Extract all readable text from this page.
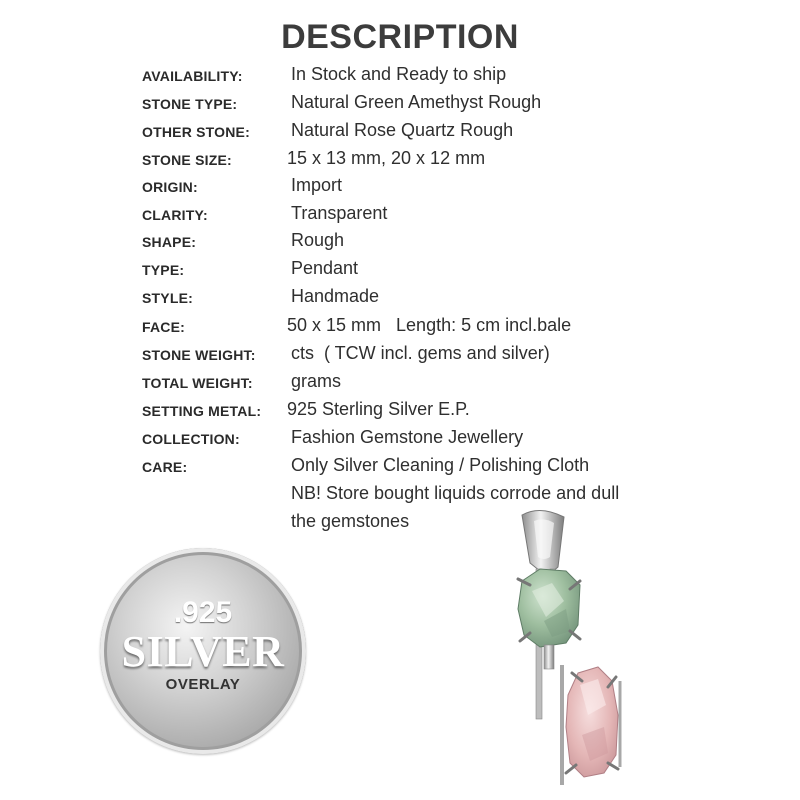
DESCRIPTION
AVAILABILITY:	In Stock and Ready to ship
STONE TYPE:	Natural Green Amethyst Rough
OTHER STONE: Natural Rose Quartz Rough
STONE SIZE:	15 x 13 mm, 20 x 12 mm
ORIGIN:	Import
CLARITY:	Transparent
SHAPE:	Rough
TYPE:	Pendant
STYLE:	Handmade
FACE:	50 x 15 mm   Length: 5 cm incl.bale
STONE WEIGHT: cts  ( TCW incl. gems and silver)
TOTAL WEIGHT: grams
SETTING METAL: 925 Sterling Silver E.P.
COLLECTION:	Fashion Gemstone Jewellery
CARE:	Only Silver Cleaning / Polishing Cloth
NB! Store bought liquids corrode and dull
the gemstones
.925
SILVER
OVERLAY
